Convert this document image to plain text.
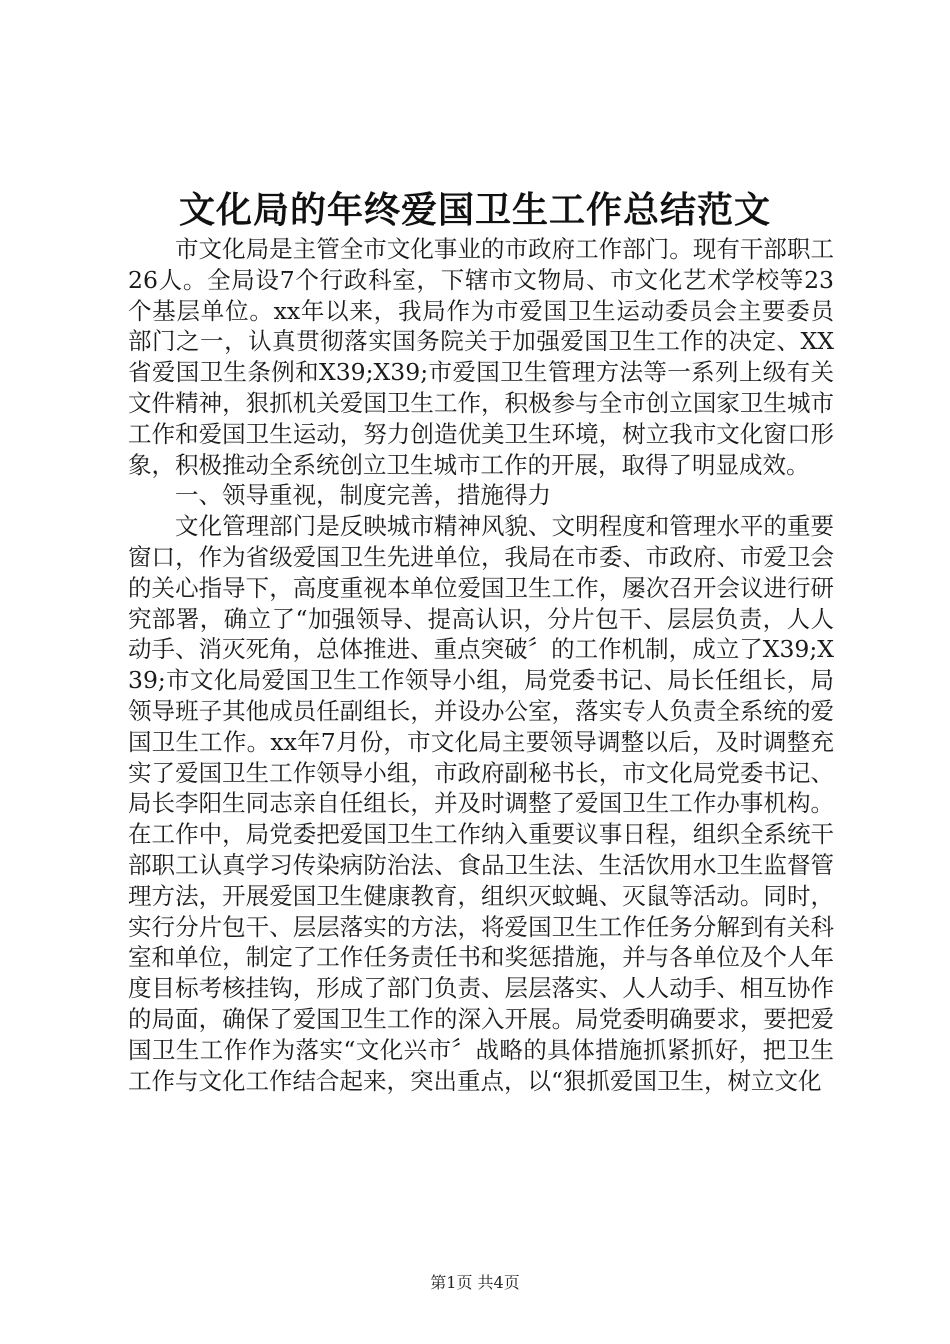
文化局的年终爱国卫生工作总结范文

市文化局是主管全市文化事业的市政府工作部门。现有干部职工26人。全局设7个行政科室，下辖市文物局、市文化艺术学校等23个基层单位。xx年以来，我局作为市爱国卫生运动委员会主要委员部门之一，认真贯彻落实国务院关于加强爱国卫生工作的决定、XX省爱国卫生条例和X39;X39;市爱国卫生管理方法等一系列上级有关文件精神，狠抓机关爱国卫生工作，积极参与全市创立国家卫生城市工作和爱国卫生运动，努力创造优美卫生环境，树立我市文化窗口形象，积极推动全系统创立卫生城市工作的开展，取得了明显成效。

一、领导重视，制度完善，措施得力

文化管理部门是反映城市精神风貌、文明程度和管理水平的重要窗口，作为省级爱国卫生先进单位，我局在市委、市政府、市爱卫会的关心指导下，高度重视本单位爱国卫生工作，屡次召开会议进行研究部署，确立了“加强领导、提高认识，分片包干、层层负责，人人动手、消灭死角，总体推进、重点突破〞的工作机制，成立了X39;X39;市文化局爱国卫生工作领导小组，局党委书记、局长任组长，局领导班子其他成员任副组长，并设办公室，落实专人负责全系统的爱国卫生工作。xx年7月份，市文化局主要领导调整以后，及时调整充实了爱国卫生工作领导小组，市政府副秘书长，市文化局党委书记、局长李阳生同志亲自任组长，并及时调整了爱国卫生工作办事机构。在工作中，局党委把爱国卫生工作纳入重要议事日程，组织全系统干部职工认真学习传染病防治法、食品卫生法、生活饮用水卫生监督管理方法，开展爱国卫生健康教育，组织灭蚊蝇、灭鼠等活动。同时，实行分片包干、层层落实的方法，将爱国卫生工作任务分解到有关科室和单位，制定了工作任务责任书和奖惩措施，并与各单位及个人年度目标考核挂钩，形成了部门负责、层层落实、人人动手、相互协作的局面，确保了爱国卫生工作的深入开展。局党委明确要求，要把爱国卫生工作作为落实“文化兴市〞战略的具体措施抓紧抓好，把卫生工作与文化工作结合起来，突出重点，以“狠抓爱国卫生，树立文化

第1页 共4页
